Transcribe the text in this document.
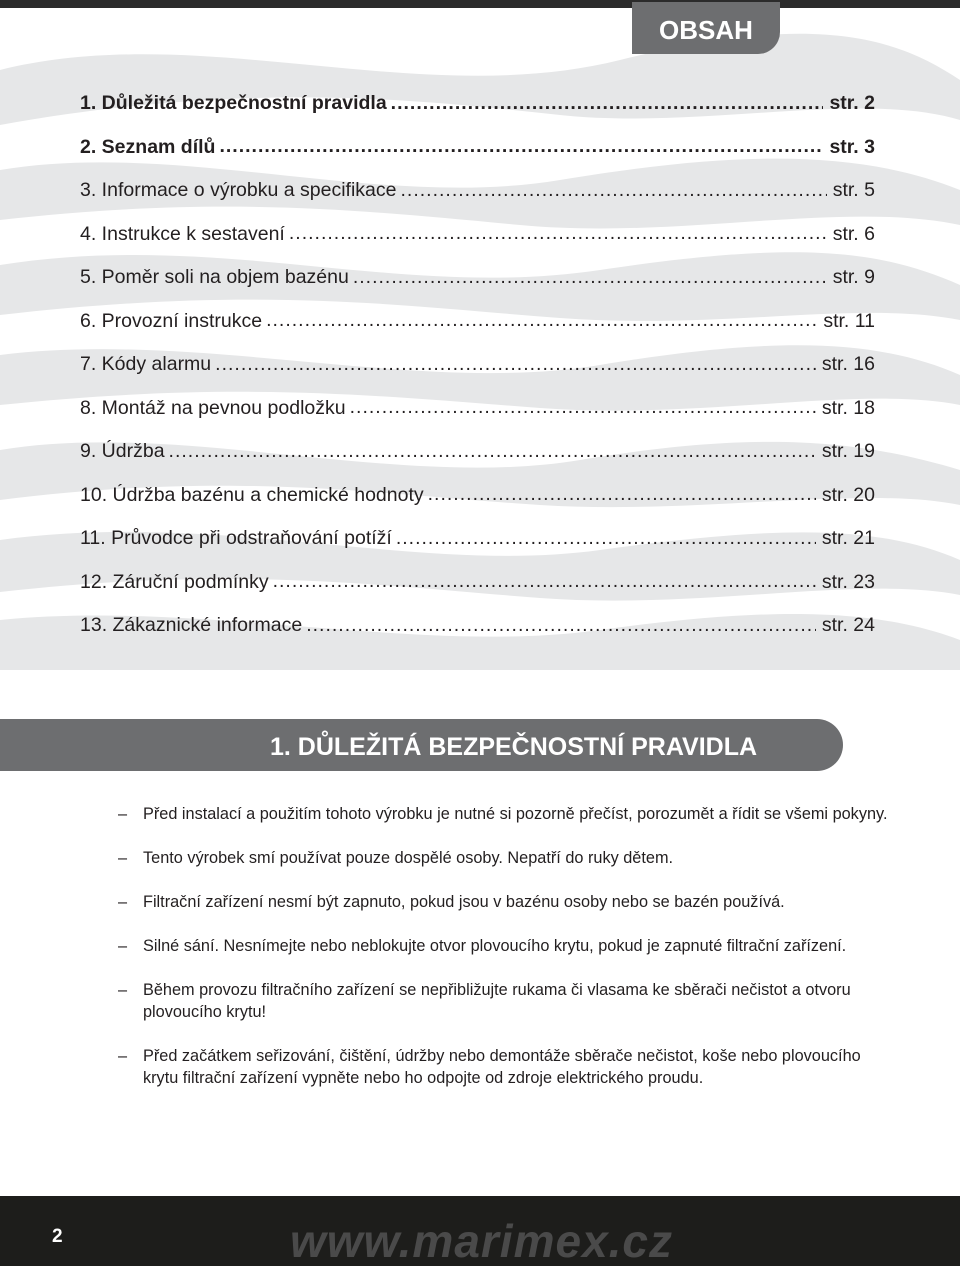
OBSAH
1. Důležitá bezpečnostní pravidla .....	str. 2
2. Seznam dílů .....	str. 3
3. Informace o výrobku a specifikace .....	str. 5
4. Instrukce k sestavení .....	str. 6
5. Poměr soli na objem bazénu .....	str. 9
6. Provozní instrukce .....	str. 11
7. Kódy alarmu .....	str. 16
8. Montáž na pevnou podložku .....	str. 18
9. Údržba .....	str. 19
10. Údržba bazénu a chemické hodnoty .....	str. 20
11. Průvodce při odstraňování potíží .....	str. 21
12. Záruční podmínky .....	str. 23
13. Zákaznické informace .....	str. 24
1. DŮLEŽITÁ BEZPEČNOSTNÍ PRAVIDLA
– Před instalací a použitím tohoto výrobku je nutné si pozorně přečíst, porozumět a řídit se všemi pokyny.
– Tento výrobek smí používat pouze dospělé osoby. Nepatří do ruky dětem.
– Filtrační zařízení nesmí být zapnuto, pokud jsou v bazénu osoby nebo se bazén používá.
– Silné sání. Nesnímejte nebo neblokujte otvor plovoucího krytu, pokud je zapnuté filtrační zařízení.
– Během provozu filtračního zařízení se nepřibližujte rukama či vlasama ke sběrači nečistot a otvoru plovoucího krytu!
– Před začátkem seřizování, čištění, údržby nebo demontáže sběrače nečistot, koše nebo plovoucího krytu filtrační zařízení vypněte nebo ho odpojte od zdroje elektrického proudu.
2	www.marimex.cz
